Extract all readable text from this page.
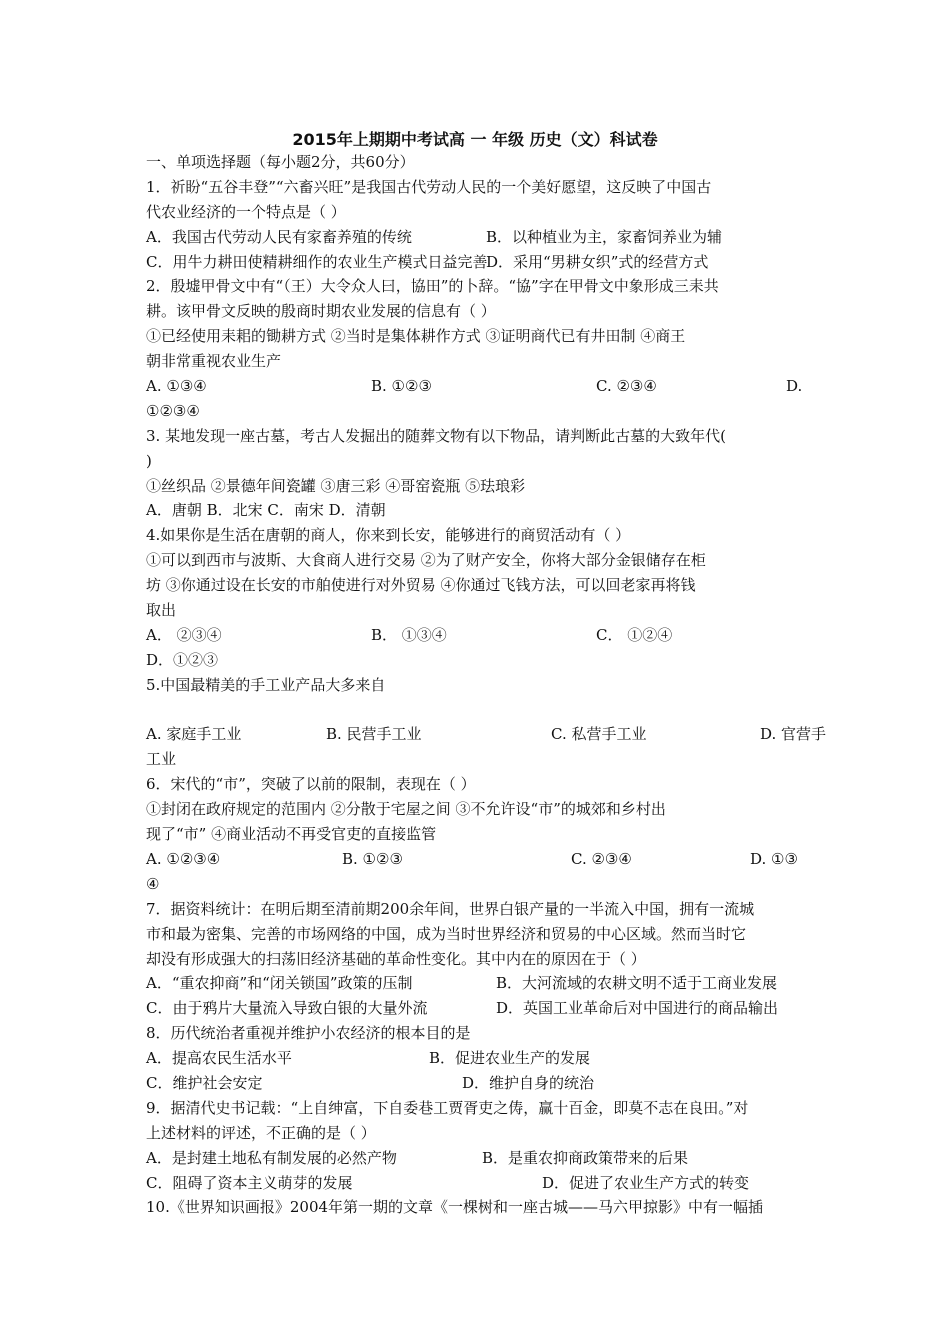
2015年上期期中考试高 一 年级 历史（文）科试卷
一、单项选择题（每小题2分，共60分）
1．祈盼“五谷丰登”“六畜兴旺”是我国古代劳动人民的一个美好愿望，这反映了中国古
代农业经济的一个特点是（ ）
A．我国古代劳动人民有家畜养殖的传统	B．以种植业为主，家畜饲养业为辅
C．用牛力耕田使精耕细作的农业生产模式日益完善
D．采用“男耕女织”式的经营方式
2．殷墟甲骨文中有“（王）大令众人曰，協田”的卜辞。“協”字在甲骨文中象形成三耒共
耕。该甲骨文反映的殷商时期农业发展的信息有（ ）
①已经使用耒耜的锄耕方式 ②当时是集体耕作方式 ③证明商代已有井田制 ④商王
朝非常重视农业生产
A. ①③④	B. ①②③	C. ②③④	D.
①②③④
3. 某地发现一座古墓，考古人发掘出的随葬文物有以下物品，请判断此古墓的大致年代(
)
①丝织品 ②景德年间瓷罐 ③唐三彩 ④哥窑瓷瓶 ⑤珐琅彩
A．唐朝 B．北宋 C．南宋 D．清朝
4.如果你是生活在唐朝的商人，你来到长安，能够进行的商贸活动有（ ）
①可以到西市与波斯、大食商人进行交易 ②为了财产安全，你将大部分金银储存在柜
坊 ③你通过设在长安的市舶使进行对外贸易 ④你通过飞钱方法，可以回老家再将钱
取出
A． ②③④	B． ①③④	C． ①②④
D．①②③
5.中国最精美的手工业产品大多来自
A. 家庭手工业	B. 民营手工业	C. 私营手工业	D. 官营手
工业
6．宋代的“市”，突破了以前的限制，表现在（ ）
①封闭在政府规定的范围内 ②分散于宅屋之间 ③不允许设“市”的城郊和乡村出
现了“市” ④商业活动不再受官吏的直接监管
A. ①②③④	B. ①②③	C. ②③④	D. ①③
④
7．据资料统计：在明后期至清前期200余年间，世界白银产量的一半流入中国，拥有一流城
市和最为密集、完善的市场网络的中国，成为当时世界经济和贸易的中心区域。然而当时它
却没有形成强大的扫荡旧经济基础的革命性变化。其中内在的原因在于（ ）
A．“重农抑商”和“闭关锁国”政策的压制	B．大河流域的农耕文明不适于工商业发展
C．由于鸦片大量流入导致白银的大量外流	D．英国工业革命后对中国进行的商品输出
8．历代统治者重视并维护小农经济的根本目的是
A．提高农民生活水平	B．促进农业生产的发展
C．维护社会安定	D．维护自身的统治
9．据清代史书记载：“上自绅富，下自委巷工贾胥吏之俦，赢十百金，即莫不志在良田。”对
上述材料的评述，不正确的是（ ）
A．是封建土地私有制发展的必然产物	B．是重农抑商政策带来的后果
C．阻碍了资本主义萌芽的发展	D．促进了农业生产方式的转变
10.《世界知识画报》2004年第一期的文章《一棵树和一座古城——马六甲掠影》中有一幅插
